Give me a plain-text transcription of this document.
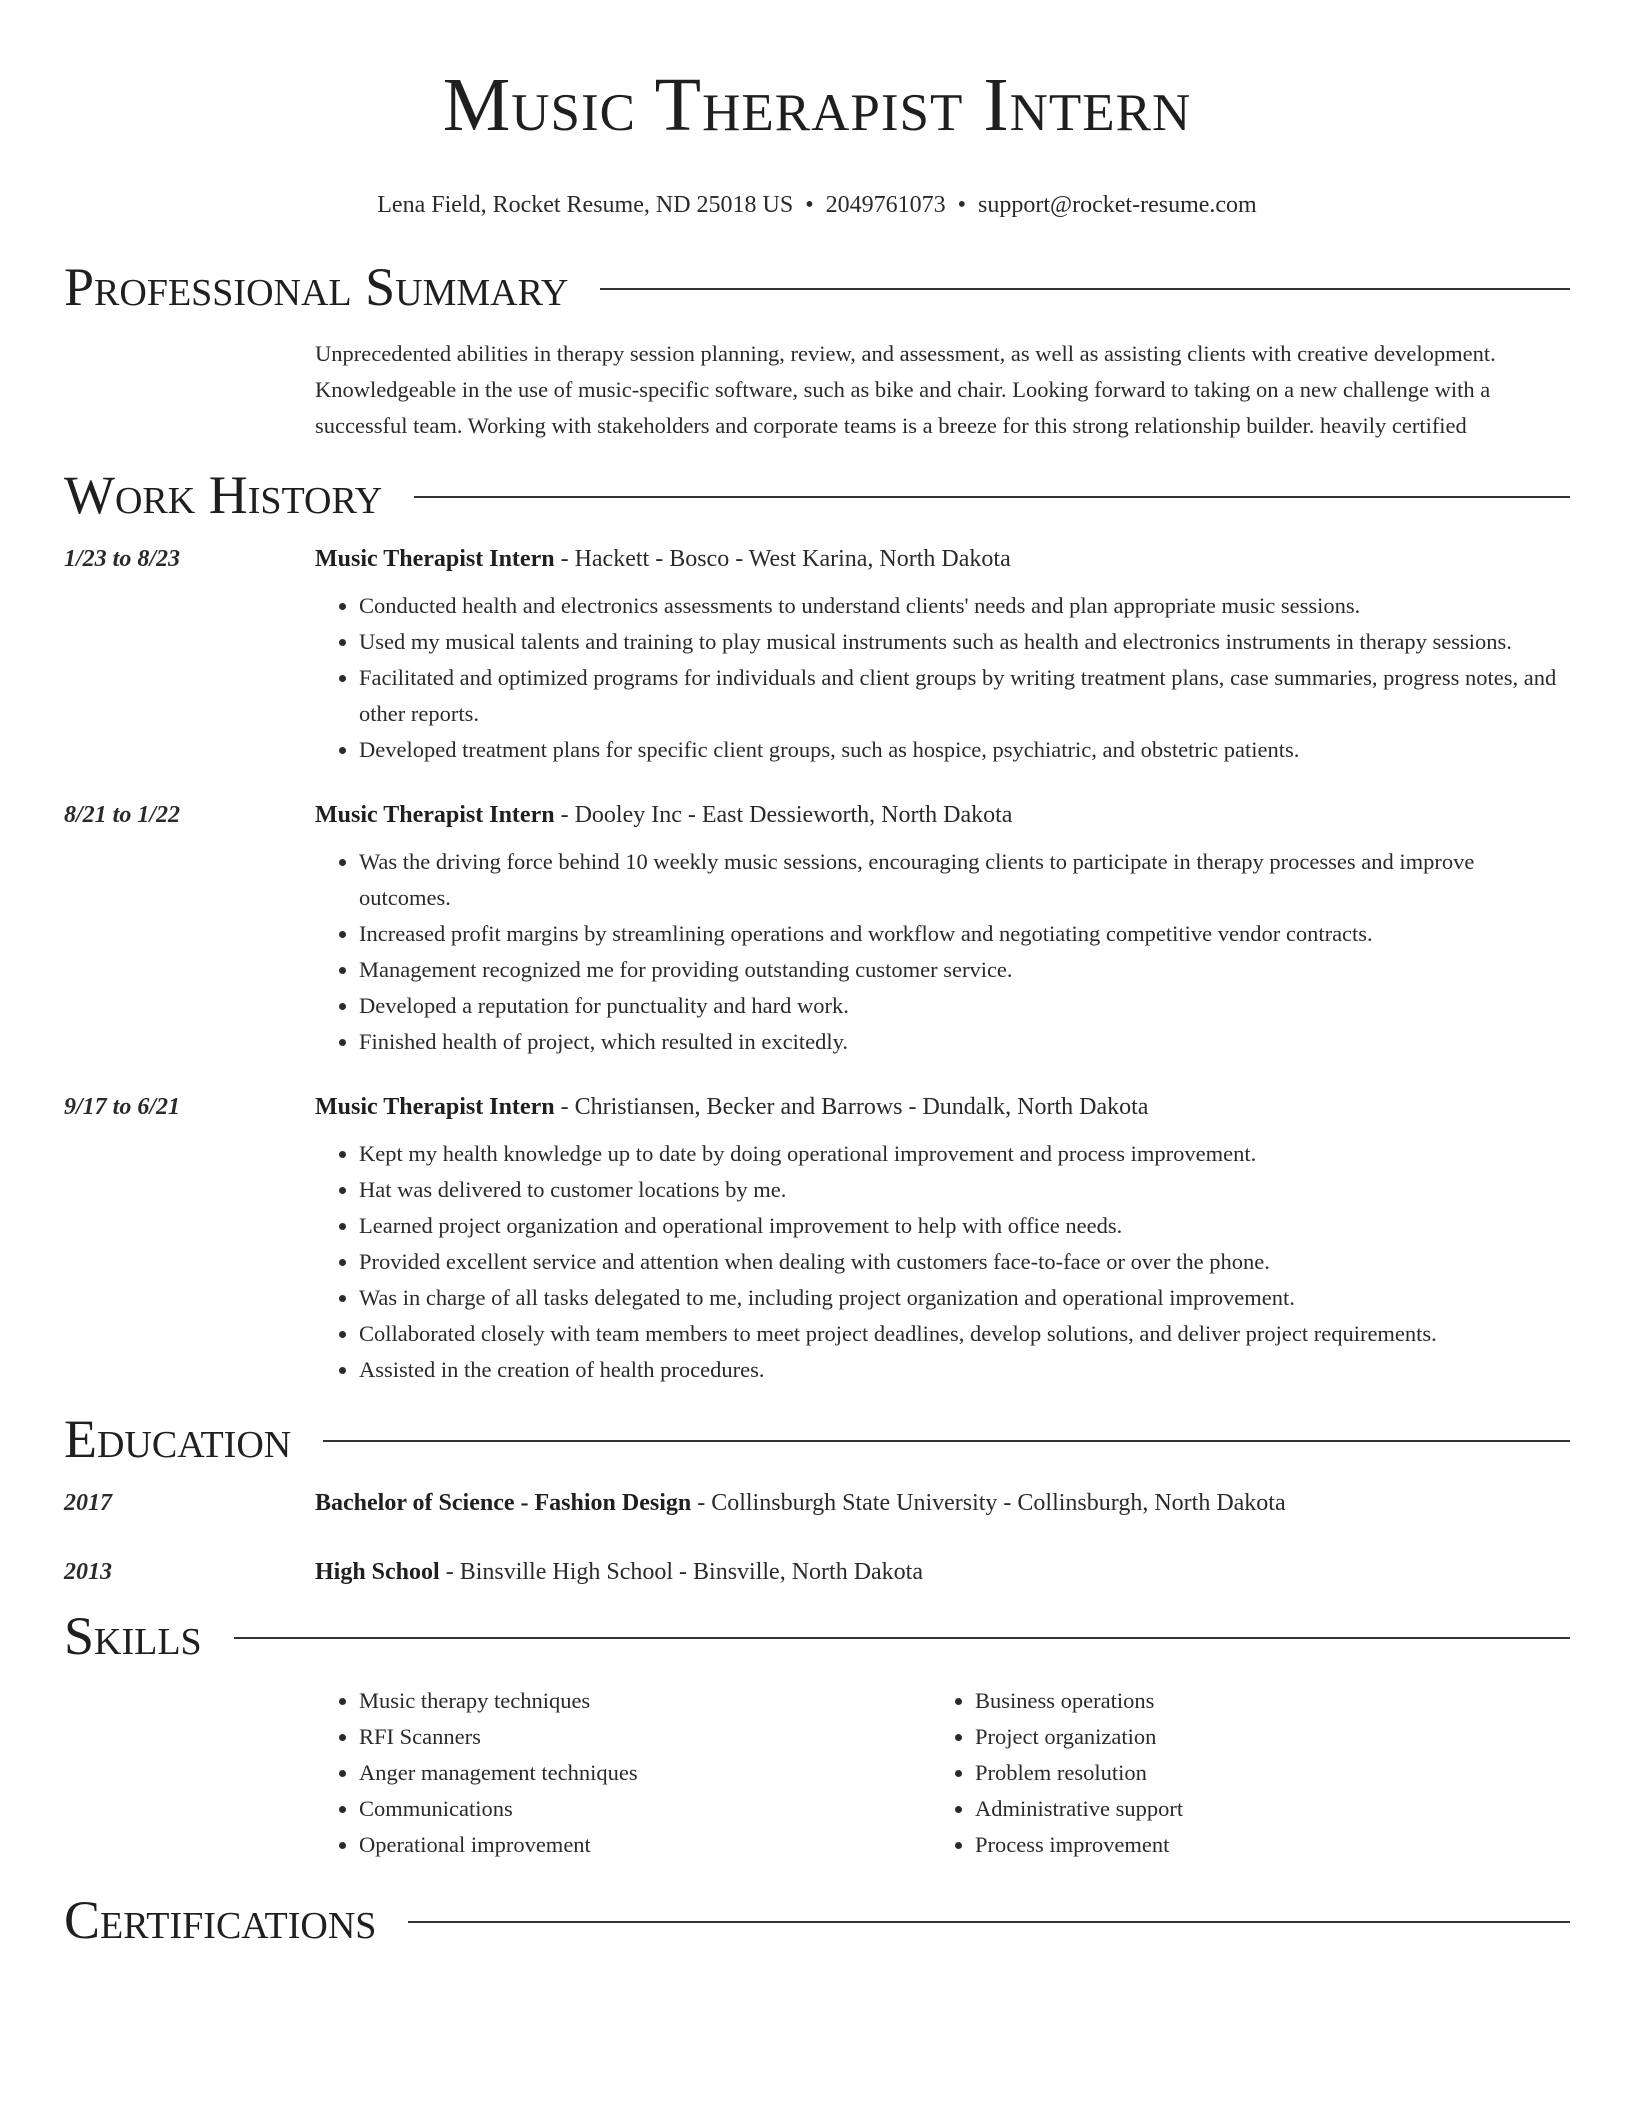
Music Therapist Intern
Lena Field, Rocket Resume, ND 25018 US • 2049761073 • support@rocket-resume.com
Professional Summary
Unprecedented abilities in therapy session planning, review, and assessment, as well as assisting clients with creative development. Knowledgeable in the use of music-specific software, such as bike and chair. Looking forward to taking on a new challenge with a successful team. Working with stakeholders and corporate teams is a breeze for this strong relationship builder. heavily certified
Work History
1/23 to 8/23	Music Therapist Intern - Hackett - Bosco - West Karina, North Dakota
• Conducted health and electronics assessments to understand clients' needs and plan appropriate music sessions.
• Used my musical talents and training to play musical instruments such as health and electronics instruments in therapy sessions.
• Facilitated and optimized programs for individuals and client groups by writing treatment plans, case summaries, progress notes, and other reports.
• Developed treatment plans for specific client groups, such as hospice, psychiatric, and obstetric patients.
8/21 to 1/22	Music Therapist Intern - Dooley Inc - East Dessieworth, North Dakota
• Was the driving force behind 10 weekly music sessions, encouraging clients to participate in therapy processes and improve outcomes.
• Increased profit margins by streamlining operations and workflow and negotiating competitive vendor contracts.
• Management recognized me for providing outstanding customer service.
• Developed a reputation for punctuality and hard work.
• Finished health of project, which resulted in excitedly.
9/17 to 6/21	Music Therapist Intern - Christiansen, Becker and Barrows - Dundalk, North Dakota
• Kept my health knowledge up to date by doing operational improvement and process improvement.
• Hat was delivered to customer locations by me.
• Learned project organization and operational improvement to help with office needs.
• Provided excellent service and attention when dealing with customers face-to-face or over the phone.
• Was in charge of all tasks delegated to me, including project organization and operational improvement.
• Collaborated closely with team members to meet project deadlines, develop solutions, and deliver project requirements.
• Assisted in the creation of health procedures.
Education
2017	Bachelor of Science - Fashion Design - Collinsburgh State University - Collinsburgh, North Dakota
2013	High School - Binsville High School - Binsville, North Dakota
Skills
• Music therapy techniques
• RFI Scanners
• Anger management techniques
• Communications
• Operational improvement
• Business operations
• Project organization
• Problem resolution
• Administrative support
• Process improvement
Certifications
